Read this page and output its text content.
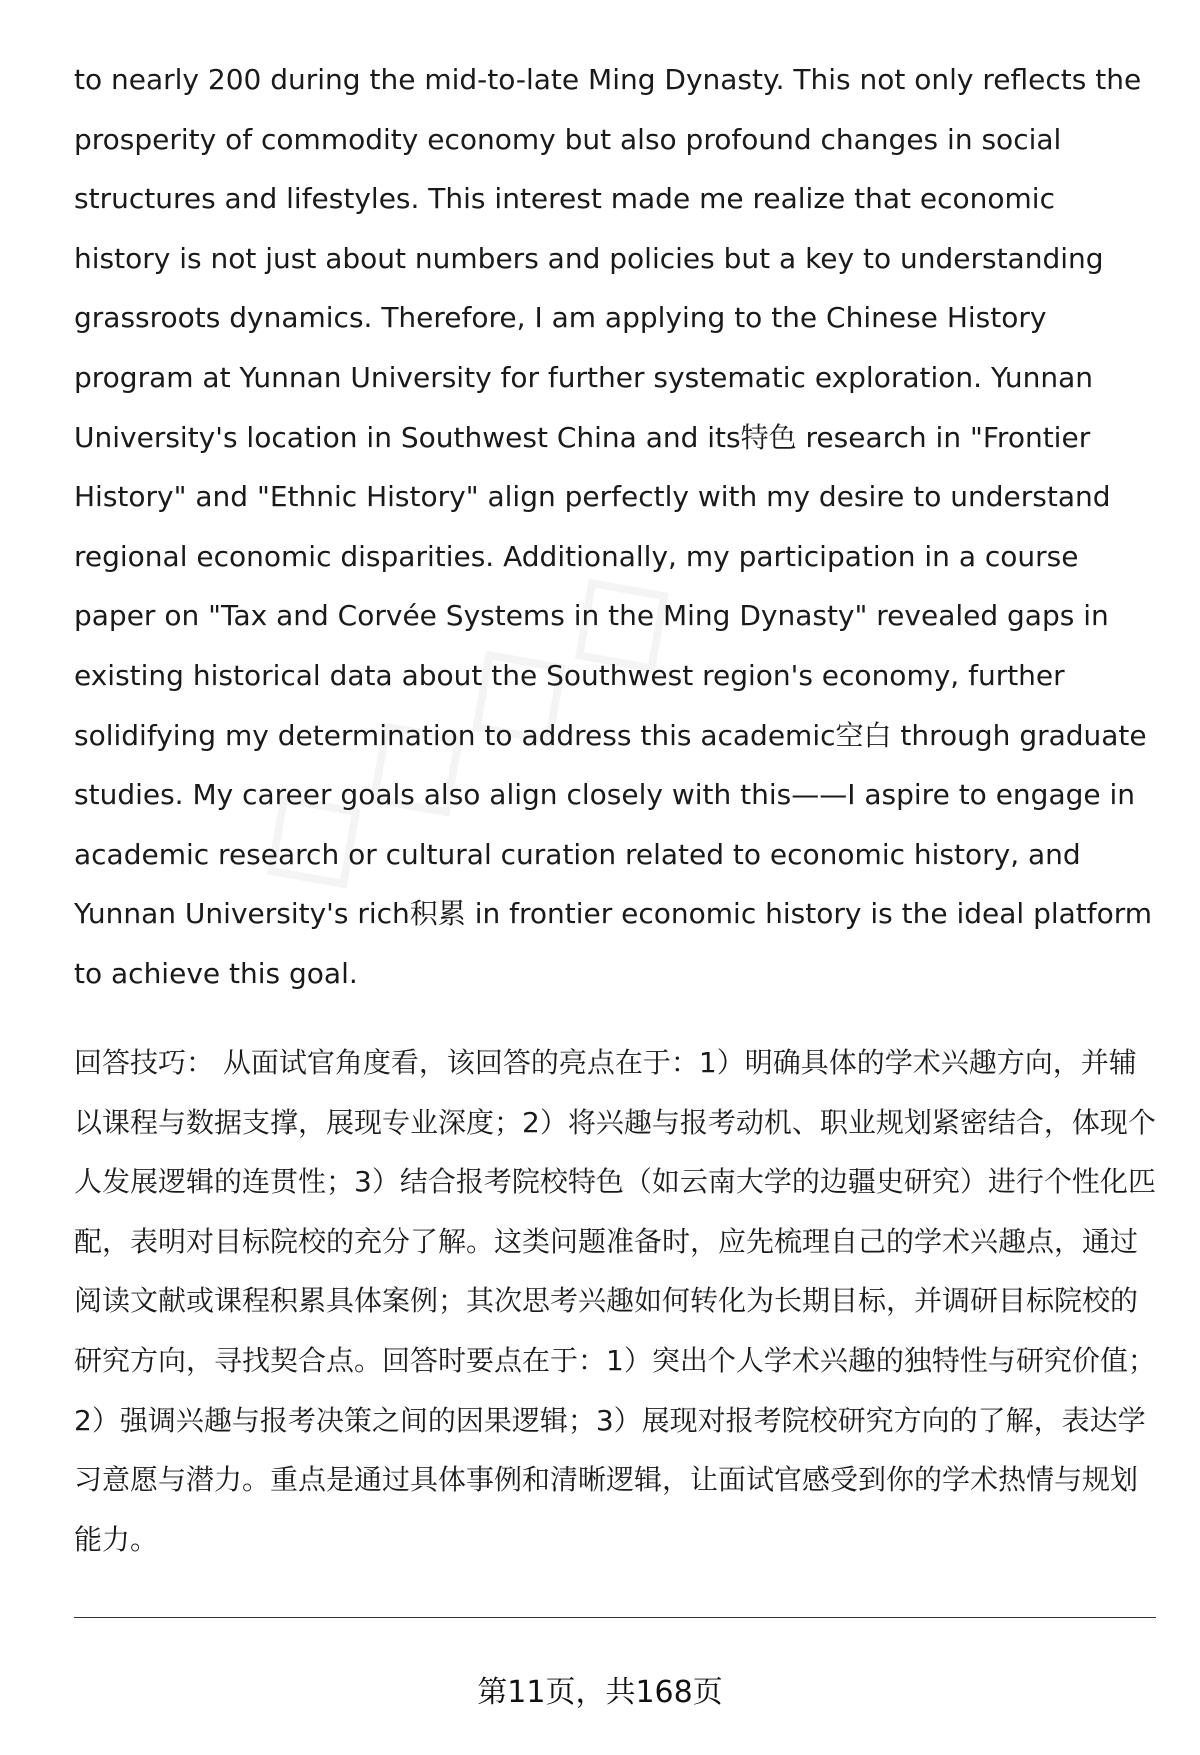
to nearly 200 during the mid-to-late Ming Dynasty. This not only reflects the prosperity of commodity economy but also profound changes in social structures and lifestyles. This interest made me realize that economic history is not just about numbers and policies but a key to understanding grassroots dynamics. Therefore, I am applying to the Chinese History program at Yunnan University for further systematic exploration. Yunnan University's location in Southwest China and its特色 research in "Frontier History" and "Ethnic History" align perfectly with my desire to understand regional economic disparities. Additionally, my participation in a course paper on "Tax and Corvée Systems in the Ming Dynasty" revealed gaps in existing historical data about the Southwest region's economy, further solidifying my determination to address this academic空白 through graduate studies. My career goals also align closely with this——I aspire to engage in academic research or cultural curation related to economic history, and Yunnan University's rich积累 in frontier economic history is the ideal platform to achieve this goal.

回答技巧： 从面试官角度看，该回答的亮点在于：1）明确具体的学术兴趣方向，并辅以课程与数据支撑，展现专业深度；2）将兴趣与报考动机、职业规划紧密结合，体现个人发展逻辑的连贯性；3）结合报考院校特色（如云南大学的边疆史研究）进行个性化匹配，表明对目标院校的充分了解。这类问题准备时，应先梳理自己的学术兴趣点，通过阅读文献或课程积累具体案例；其次思考兴趣如何转化为长期目标，并调研目标院校的研究方向，寻找契合点。回答时要点在于：1）突出个人学术兴趣的独特性与研究价值；2）强调兴趣与报考决策之间的因果逻辑；3）展现对报考院校研究方向的了解，表达学习意愿与潜力。重点是通过具体事例和清晰逻辑，让面试官感受到你的学术热情与规划能力。

第11页，共168页
